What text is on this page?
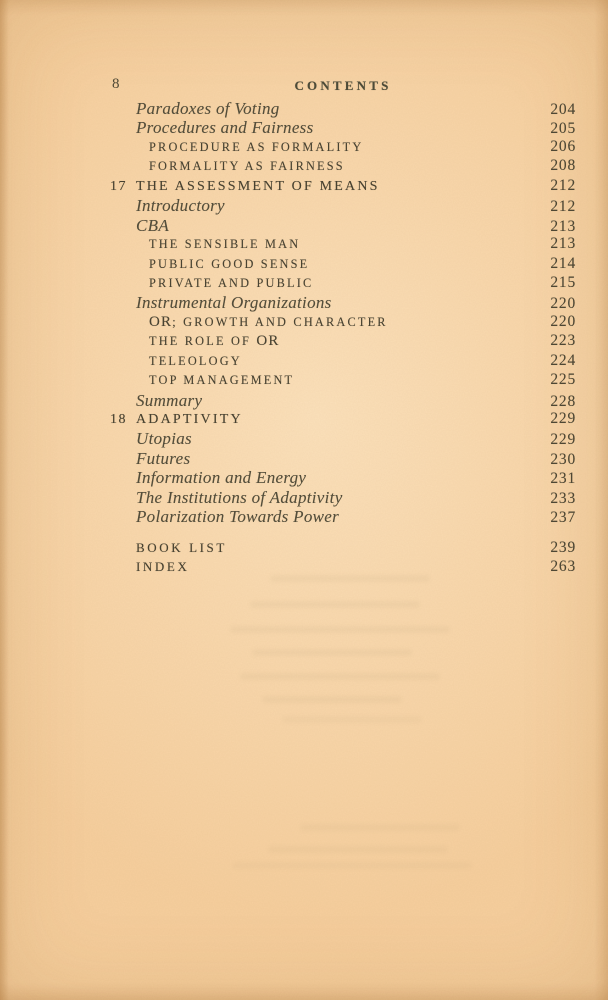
8	CONTENTS
Paradoxes of Voting	204
Procedures and Fairness	205
PROCEDURE AS FORMALITY	206
FORMALITY AS FAIRNESS	208
17 THE ASSESSMENT OF MEANS	212
Introductory	212
CBA	213
THE SENSIBLE MAN	213
PUBLIC GOOD SENSE	214
PRIVATE AND PUBLIC	215
Instrumental Organizations	220
OR; GROWTH AND CHARACTER	220
THE ROLE OF OR	223
TELEOLOGY	224
TOP MANAGEMENT	225
Summary	228
18 ADAPTIVITY	229
Utopias	229
Futures	230
Information and Energy	231
The Institutions of Adaptivity	233
Polarization Towards Power	237
BOOK LIST	239
INDEX	263
